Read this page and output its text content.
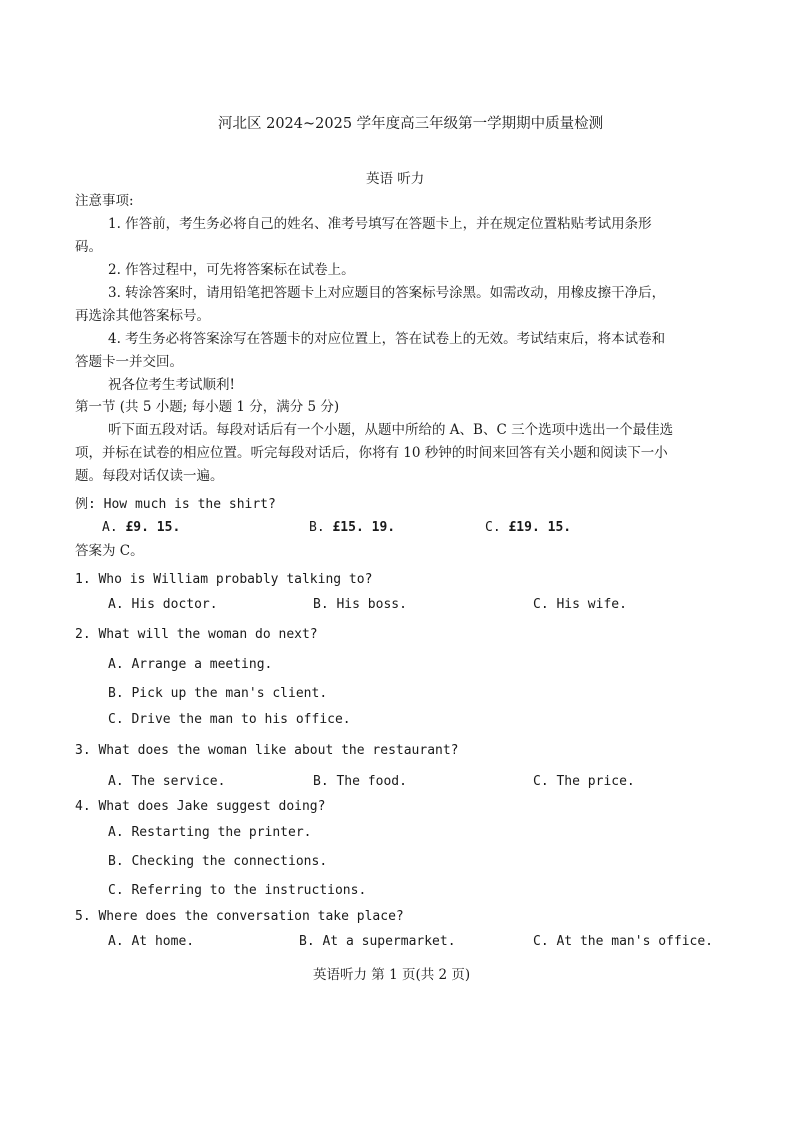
河北区 2024~2025 学年度高三年级第一学期期中质量检测
英语 听力
注意事项:
1. 作答前，考生务必将自己的姓名、准考号填写在答题卡上，并在规定位置粘贴考试用条形
码。
2. 作答过程中，可先将答案标在试卷上。
3. 转涂答案时，请用铅笔把答题卡上对应题目的答案标号涂黑。如需改动，用橡皮擦干净后，
再选涂其他答案标号。
4. 考生务必将答案涂写在答题卡的对应位置上，答在试卷上的无效。考试结束后，将本试卷和
答题卡一并交回。
祝各位考生考试顺利!
第一节 (共 5 小题; 每小题 1 分，满分 5 分)
听下面五段对话。每段对话后有一个小题，从题中所给的 A、B、C 三个选项中选出一个最佳选
项，并标在试卷的相应位置。听完每段对话后，你将有 10 秒钟的时间来回答有关小题和阅读下一小
题。每段对话仅读一遍。
例: How much is the shirt?
A. £9. 15.	B. £15. 19.	C. £19. 15.
答案为 C。
1. Who is William probably talking to?
A. His doctor.	B. His boss.	C. His wife.
2. What will the woman do next?
A. Arrange a meeting.
B. Pick up the man's client.
C. Drive the man to his office.
3. What does the woman like about the restaurant?
A. The service.	B. The food.	C. The price.
4. What does Jake suggest doing?
A. Restarting the printer.
B. Checking the connections.
C. Referring to the instructions.
5. Where does the conversation take place?
A. At home.	B. At a supermarket.	C. At the man's office.
英语听力 第 1 页(共 2 页)
